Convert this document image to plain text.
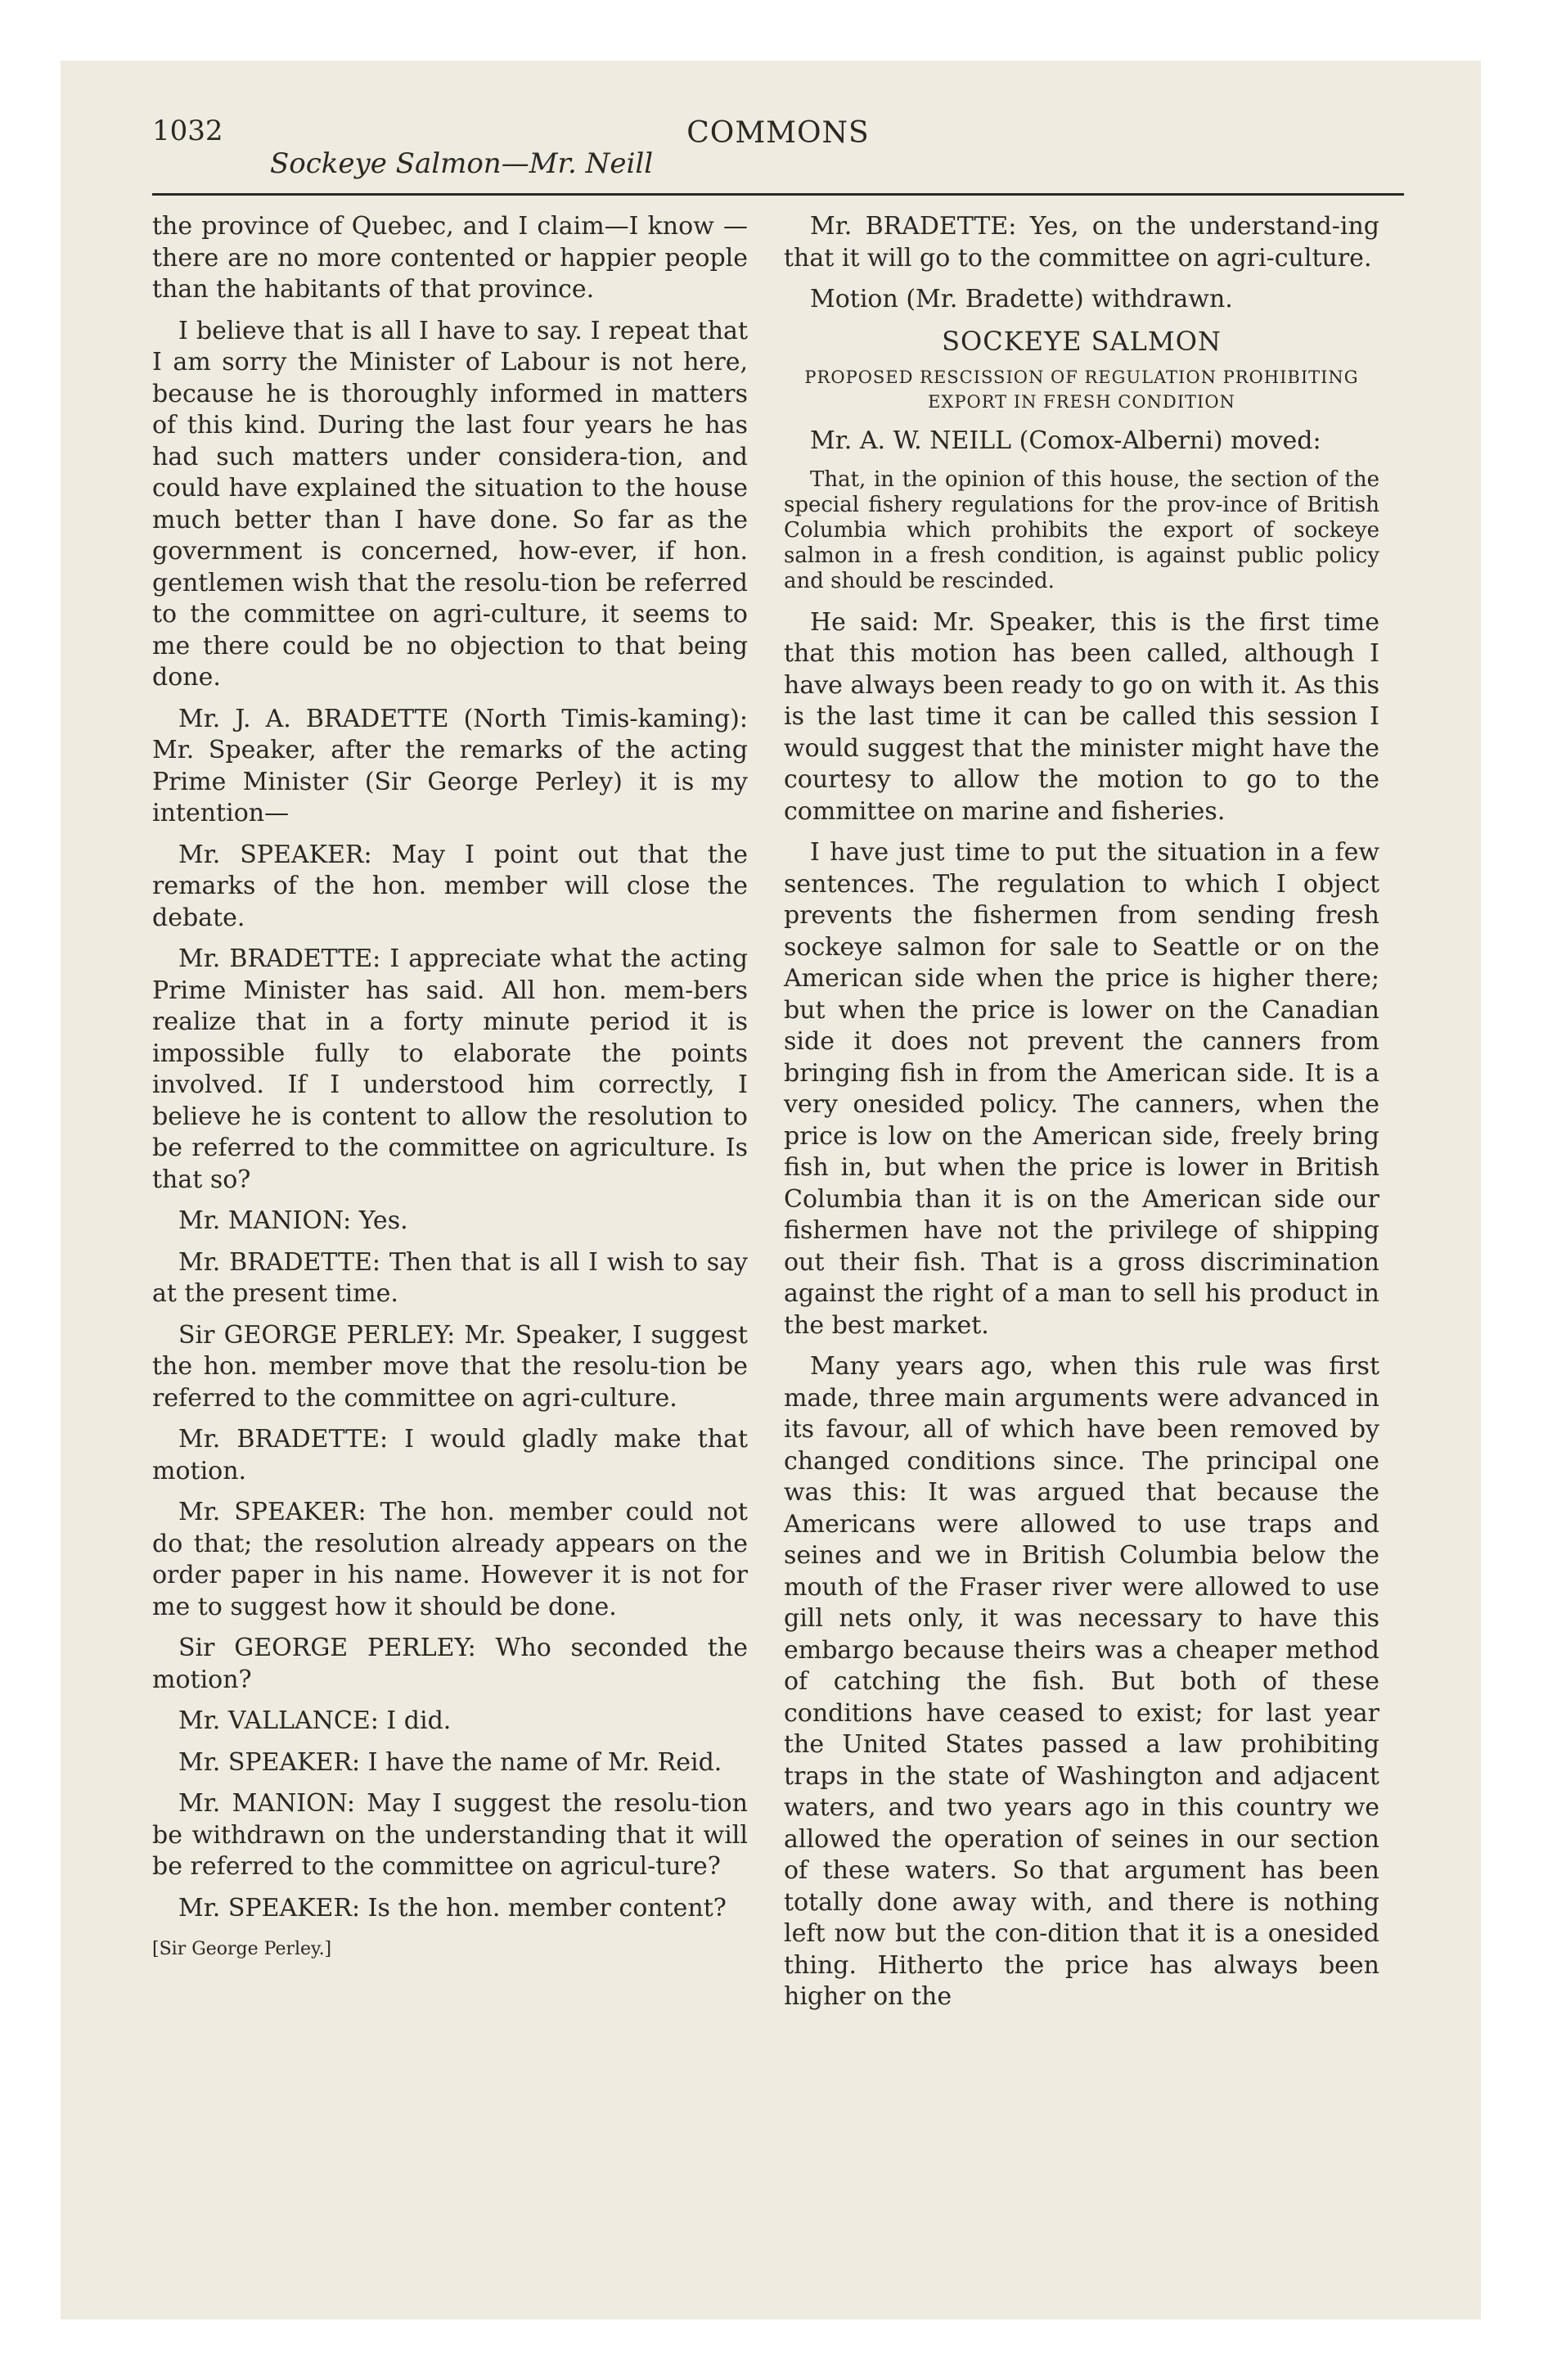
1032	COMMONS
Sockeye Salmon—Mr. Neill

the province of Quebec, and I claim—I know —there are no more contented or happier people than the habitants of that province.

I believe that is all I have to say. I repeat that I am sorry the Minister of Labour is not here, because he is thoroughly informed in matters of this kind. During the last four years he has had such matters under considera-tion, and could have explained the situation to the house much better than I have done. So far as the government is concerned, how-ever, if hon. gentlemen wish that the resolu-tion be referred to the committee on agri-culture, it seems to me there could be no objection to that being done.

Mr. J. A. BRADETTE (North Timis-kaming): Mr. Speaker, after the remarks of the acting Prime Minister (Sir George Perley) it is my intention—

Mr. SPEAKER: May I point out that the remarks of the hon. member will close the debate.

Mr. BRADETTE: I appreciate what the acting Prime Minister has said. All hon. mem-bers realize that in a forty minute period it is impossible fully to elaborate the points involved. If I understood him correctly, I believe he is content to allow the resolution to be referred to the committee on agriculture. Is that so?

Mr. MANION: Yes.

Mr. BRADETTE: Then that is all I wish to say at the present time.

Sir GEORGE PERLEY: Mr. Speaker, I suggest the hon. member move that the resolu-tion be referred to the committee on agri-culture.

Mr. BRADETTE: I would gladly make that motion.

Mr. SPEAKER: The hon. member could not do that; the resolution already appears on the order paper in his name. However it is not for me to suggest how it should be done.

Sir GEORGE PERLEY: Who seconded the motion?

Mr. VALLANCE: I did.

Mr. SPEAKER: I have the name of Mr. Reid.

Mr. MANION: May I suggest the resolu-tion be withdrawn on the understanding that it will be referred to the committee on agricul-ture?

Mr. SPEAKER: Is the hon. member content?

[Sir George Perley.]

Mr. BRADETTE: Yes, on the understand-ing that it will go to the committee on agri-culture.

Motion (Mr. Bradette) withdrawn.

SOCKEYE SALMON
PROPOSED RESCISSION OF REGULATION PROHIBITING EXPORT IN FRESH CONDITION

Mr. A. W. NEILL (Comox-Alberni) moved:

That, in the opinion of this house, the section of the special fishery regulations for the prov-ince of British Columbia which prohibits the export of sockeye salmon in a fresh condition, is against public policy and should be rescinded.

He said: Mr. Speaker, this is the first time that this motion has been called, although I have always been ready to go on with it. As this is the last time it can be called this session I would suggest that the minister might have the courtesy to allow the motion to go to the committee on marine and fisheries.

I have just time to put the situation in a few sentences. The regulation to which I object prevents the fishermen from sending fresh sockeye salmon for sale to Seattle or on the American side when the price is higher there; but when the price is lower on the Canadian side it does not prevent the canners from bringing fish in from the American side. It is a very onesided policy. The canners, when the price is low on the American side, freely bring fish in, but when the price is lower in British Columbia than it is on the American side our fishermen have not the privilege of shipping out their fish. That is a gross discrimination against the right of a man to sell his product in the best market.

Many years ago, when this rule was first made, three main arguments were advanced in its favour, all of which have been removed by changed conditions since. The principal one was this: It was argued that because the Americans were allowed to use traps and seines and we in British Columbia below the mouth of the Fraser river were allowed to use gill nets only, it was necessary to have this embargo because theirs was a cheaper method of catching the fish. But both of these conditions have ceased to exist; for last year the United States passed a law prohibiting traps in the state of Washington and adjacent waters, and two years ago in this country we allowed the operation of seines in our section of these waters. So that argument has been totally done away with, and there is nothing left now but the con-dition that it is a onesided thing. Hitherto the price has always been higher on the
